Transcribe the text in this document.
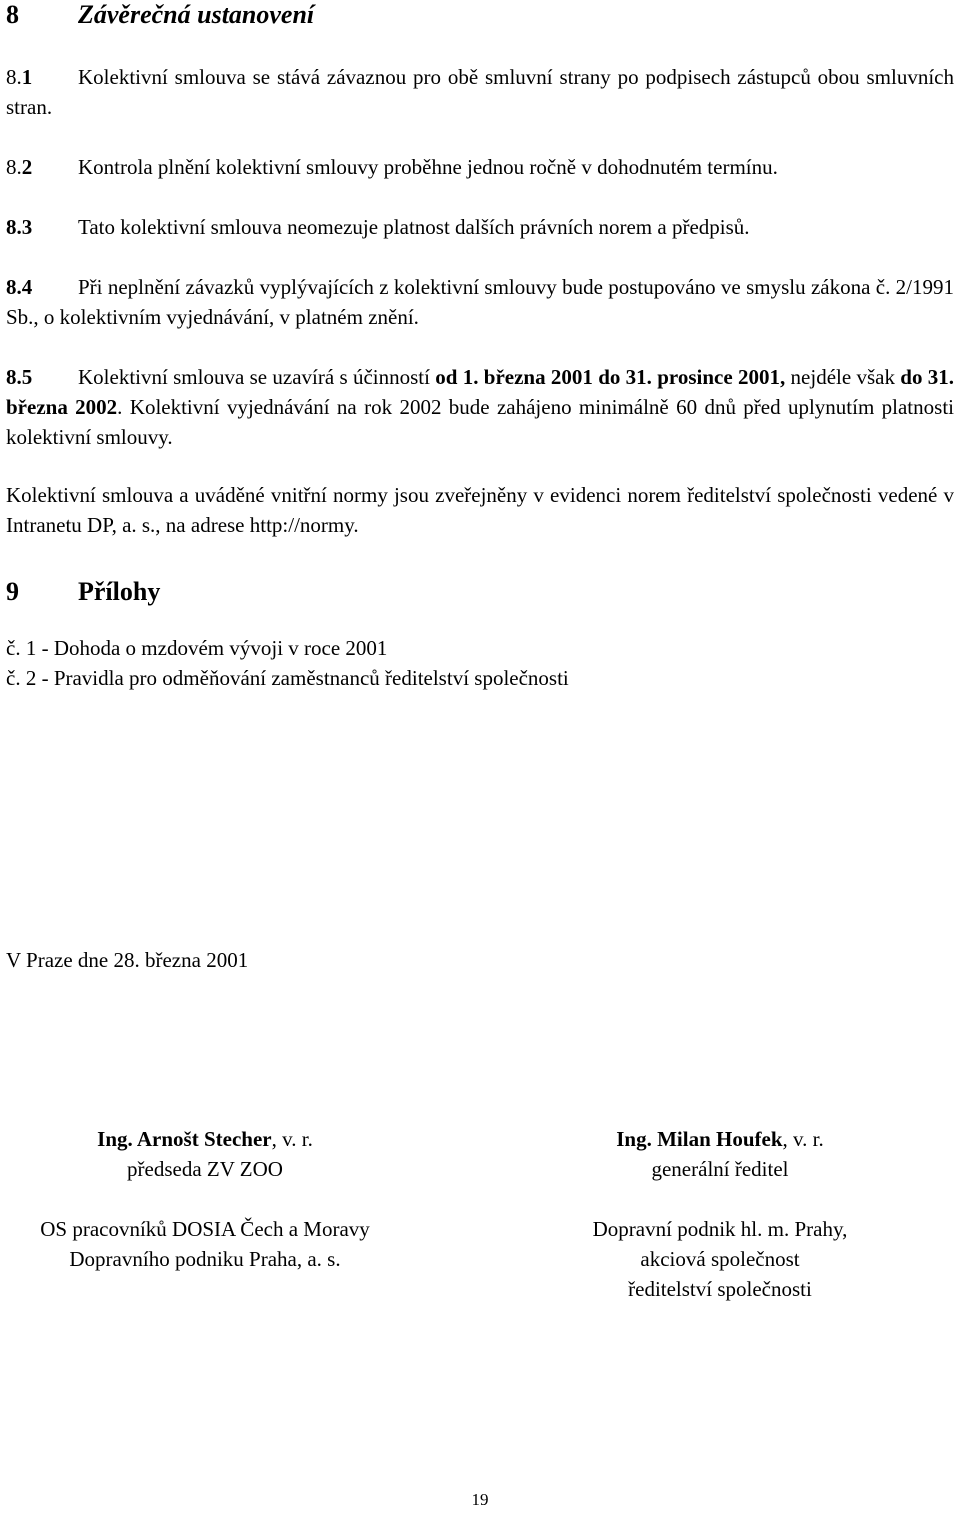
8 Závěrečná ustanovení
8.1 Kolektivní smlouva se stává závaznou pro obě smluvní strany po podpisech zástupců obou smluvních stran.
8.2 Kontrola plnění kolektivní smlouvy proběhne jednou ročně v dohodnutém termínu.
8.3 Tato kolektivní smlouva neomezuje platnost dalších právních norem a předpisů.
8.4 Při neplnění závazků vyplývajících z kolektivní smlouvy bude postupováno ve smyslu zákona č. 2/1991 Sb., o kolektivním vyjednávání, v platném znění.
8.5 Kolektivní smlouva se uzavírá s účinností od 1. března 2001 do 31. prosince 2001, nejdéle však do 31. března 2002. Kolektivní vyjednávání na rok 2002 bude zahájeno minimálně 60 dnů před uplynutím platnosti kolektivní smlouvy.
Kolektivní smlouva a uváděné vnitřní normy jsou zveřejněny v evidenci norem ředitelství společnosti vedené v Intranetu DP, a. s., na adrese http://normy.
9 Přílohy
č. 1 - Dohoda o mzdovém vývoji v roce 2001
č. 2 - Pravidla pro odměňování zaměstnanců ředitelství společnosti
V Praze dne 28. března 2001
Ing. Arnošt Stecher, v. r.
předseda ZV ZOO
OS pracovníků DOSIA Čech a Moravy
Dopravního podniku Praha, a. s.
Ing. Milan Houfek, v. r.
generální ředitel
Dopravní podnik hl. m. Prahy,
akciová společnost
ředitelství společnosti
19
